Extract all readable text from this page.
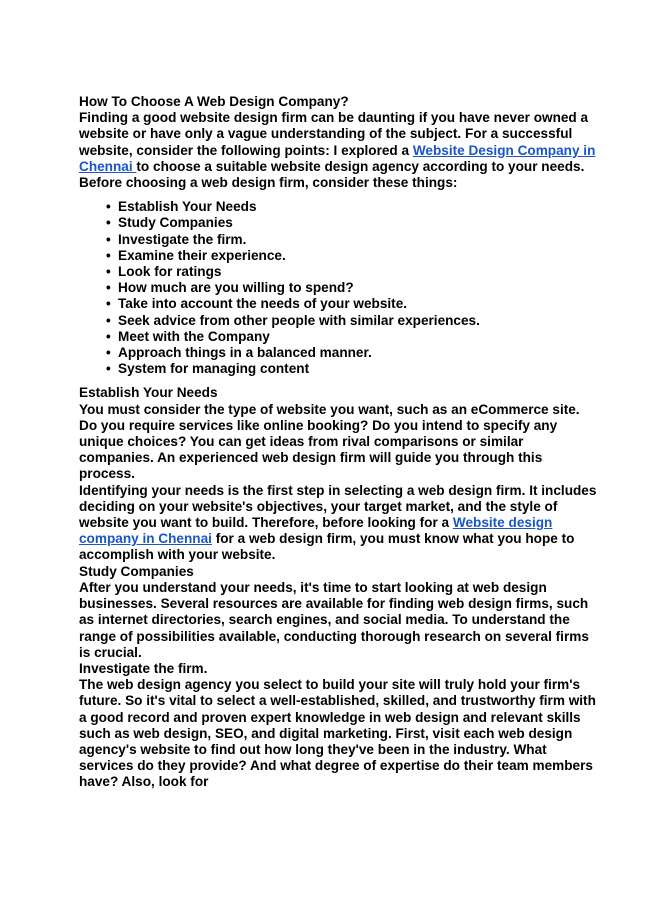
How To Choose A Web Design Company?

Finding a good website design firm can be daunting if you have never owned a website or have only a vague understanding of the subject. For a successful website, consider the following points: I explored a Website Design Company in Chennai to choose a suitable website design agency according to your needs.

Before choosing a web design firm, consider these things:

• Establish Your Needs
• Study Companies
• Investigate the firm.
• Examine their experience.
• Look for ratings
• How much are you willing to spend?
• Take into account the needs of your website.
• Seek advice from other people with similar experiences.
• Meet with the Company
• Approach things in a balanced manner.
• System for managing content

Establish Your Needs

You must consider the type of website you want, such as an eCommerce site. Do you require services like online booking? Do you intend to specify any unique choices? You can get ideas from rival comparisons or similar companies. An experienced web design firm will guide you through this process.

Identifying your needs is the first step in selecting a web design firm. It includes deciding on your website's objectives, your target market, and the style of website you want to build. Therefore, before looking for a Website design company in Chennai for a web design firm, you must know what you hope to accomplish with your website.

Study Companies

After you understand your needs, it's time to start looking at web design businesses. Several resources are available for finding web design firms, such as internet directories, search engines, and social media. To understand the range of possibilities available, conducting thorough research on several firms is crucial.

Investigate the firm.

The web design agency you select to build your site will truly hold your firm's future. So it's vital to select a well-established, skilled, and trustworthy firm with a good record and proven expert knowledge in web design and relevant skills such as web design, SEO, and digital marketing. First, visit each web design agency's website to find out how long they've been in the industry. What services do they provide? And what degree of expertise do their team members have? Also, look for
